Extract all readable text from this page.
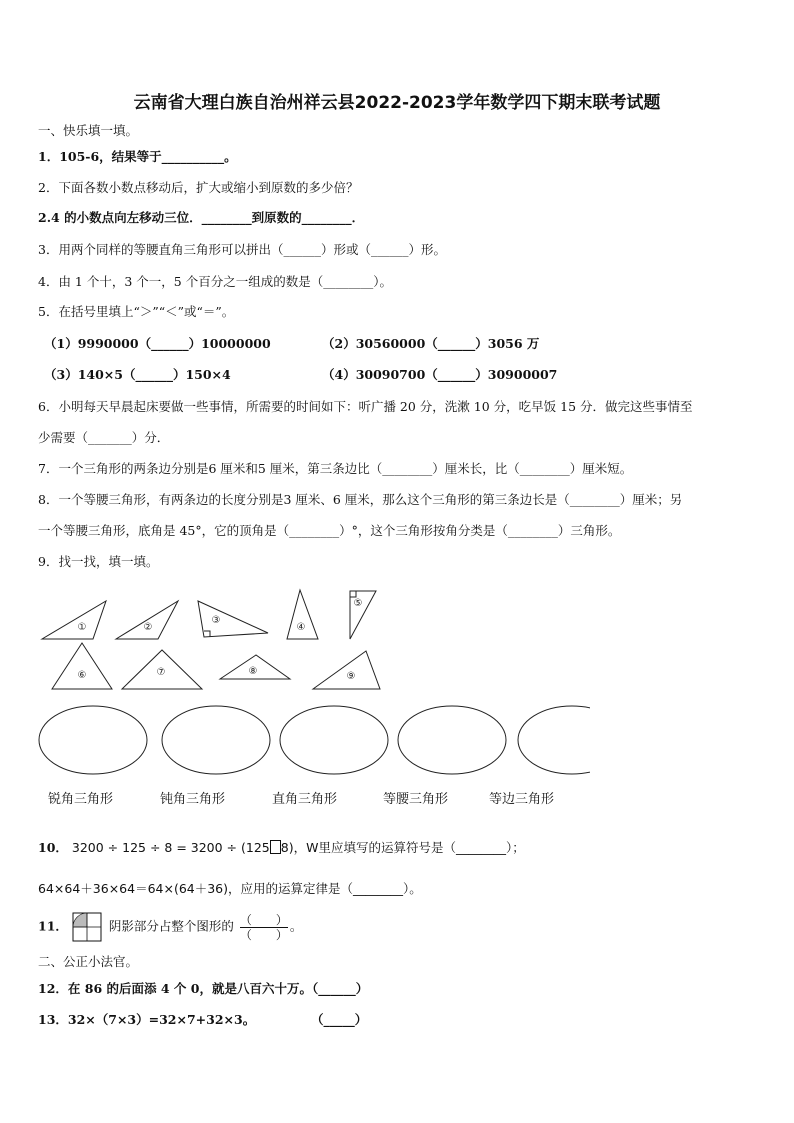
云南省大理白族自治州祥云县2022-2023学年数学四下期末联考试题
一、快乐填一填。
1．105-6，结果等于__________。
2．下面各数小数点移动后，扩大或缩小到原数的多少倍？
2.4 的小数点向左移动三位．________到原数的________．
3．用两个同样的等腰直角三角形可以拼出（______）形或（______）形。
4．由 1 个十，3 个一，5 个百分之一组成的数是（________）。
5．在括号里填上“＞”“＜”或“＝”。
（1）9990000（______）10000000	（2）30560000（______）3056 万
（3）140×5（______）150×4	（4）30090700（______）30900007
6．小明每天早晨起床要做一些事情，所需要的时间如下：听广播 20 分，洗漱 10 分，吃早饭 15 分．做完这些事情至
少需要（_______）分．
7．一个三角形的两条边分别是6 厘米和5 厘米，第三条边比（________）厘米长，比（________）厘米短。
8．一个等腰三角形，有两条边的长度分别是3 厘米、6 厘米，那么这个三角形的第三条边长是（________）厘米；另
一个等腰三角形，底角是 45°，它的顶角是（________）°，这个三角形按角分类是（________）三角形。
9．找一找，填一填。
①	②
③
④
⑤
⑥	⑦	⑧	⑨
锐角三角形	钝角三角形	直角三角形	等腰三角形	等边三角形
10． 3200 ÷ 125 ÷ 8 = 3200 ÷ (125 8)，W里应填写的运算符号是（________）；
64×64＋36×64＝64×(64＋36)，应用的运算定律是（________）。
11．	阴影部分占整个图形的 $\frac{( )}{( )}$ 。
二、公正小法官。
12．在 86 的后面添 4 个 0，就是八百六十万。（______）
13．32×（7×3）=32×7+32×3。	（_____）
